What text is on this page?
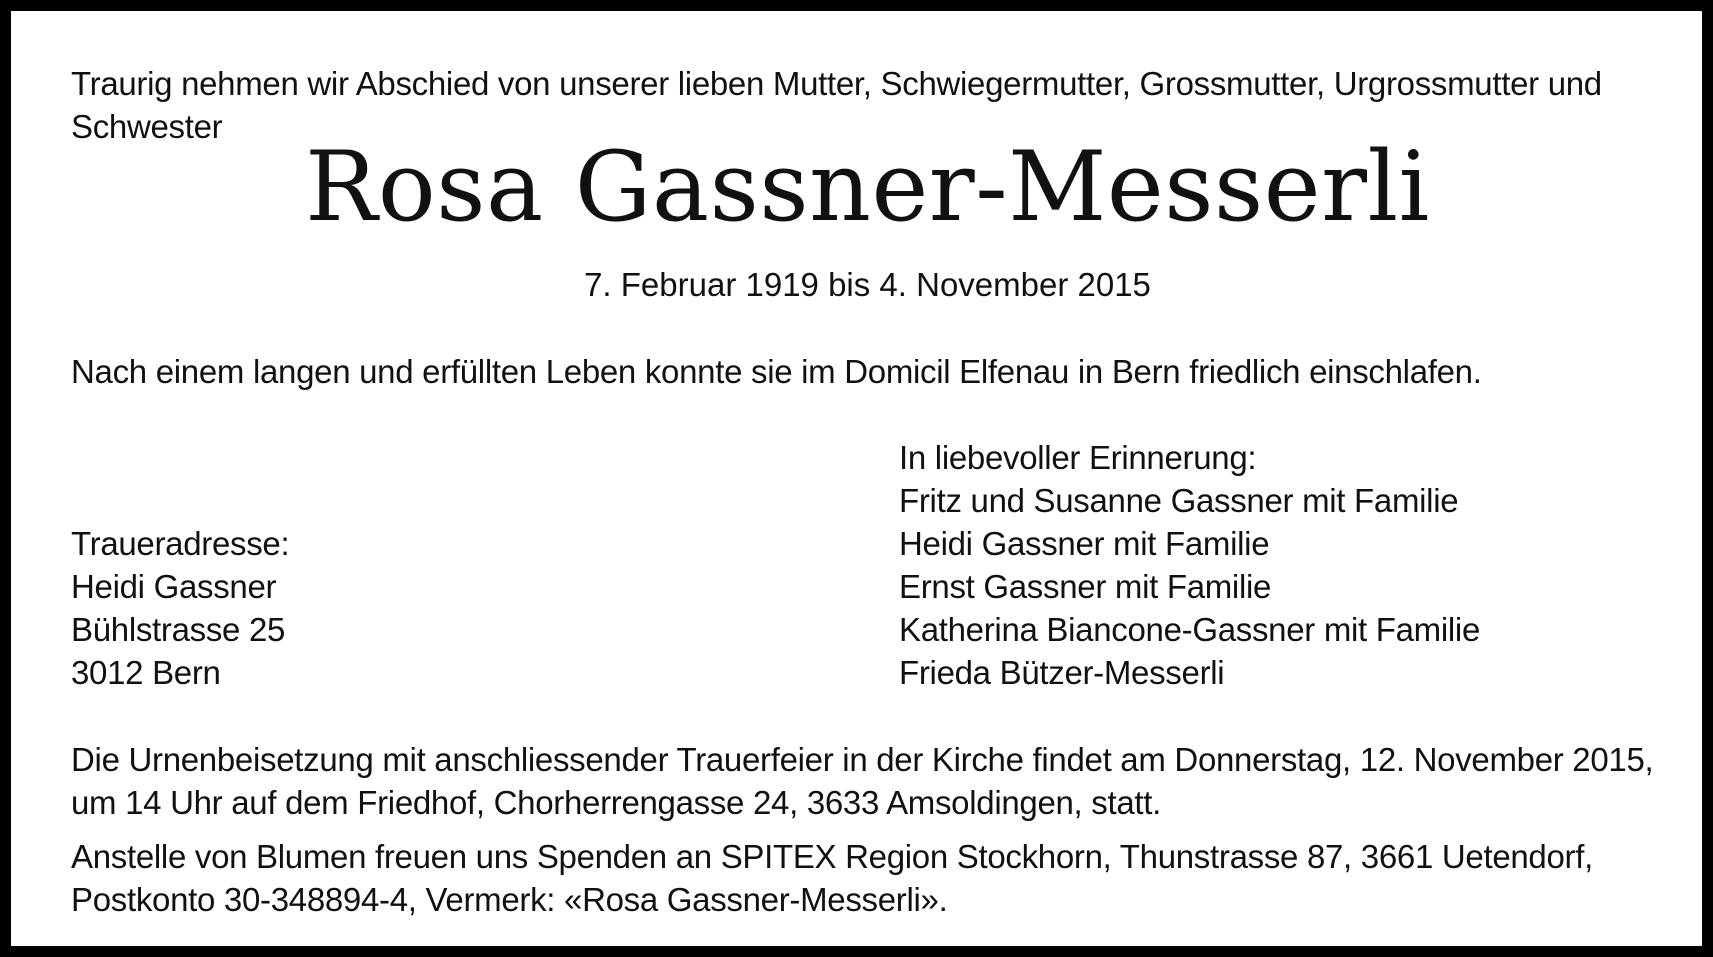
Traurig nehmen wir Abschied von unserer lieben Mutter, Schwiegermutter, Grossmutter, Urgrossmutter und
Schwester
Rosa Gassner-Messerli
7. Februar 1919 bis 4. November 2015
Nach einem langen und erfüllten Leben konnte sie im Domicil Elfenau in Bern friedlich einschlafen.
Traueradresse:
Heidi Gassner
Bühlstrasse 25
3012 Bern
In liebevoller Erinnerung:
Fritz und Susanne Gassner mit Familie
Heidi Gassner mit Familie
Ernst Gassner mit Familie
Katherina Biancone-Gassner mit Familie
Frieda Bützer-Messerli
Die Urnenbeisetzung mit anschliessender Trauerfeier in der Kirche findet am Donnerstag, 12. November 2015,
um 14 Uhr auf dem Friedhof, Chorherrengasse 24, 3633 Amsoldingen, statt.
Anstelle von Blumen freuen uns Spenden an SPITEX Region Stockhorn, Thunstrasse 87, 3661 Uetendorf,
Postkonto 30-348894-4, Vermerk: «Rosa Gassner-Messerli».
